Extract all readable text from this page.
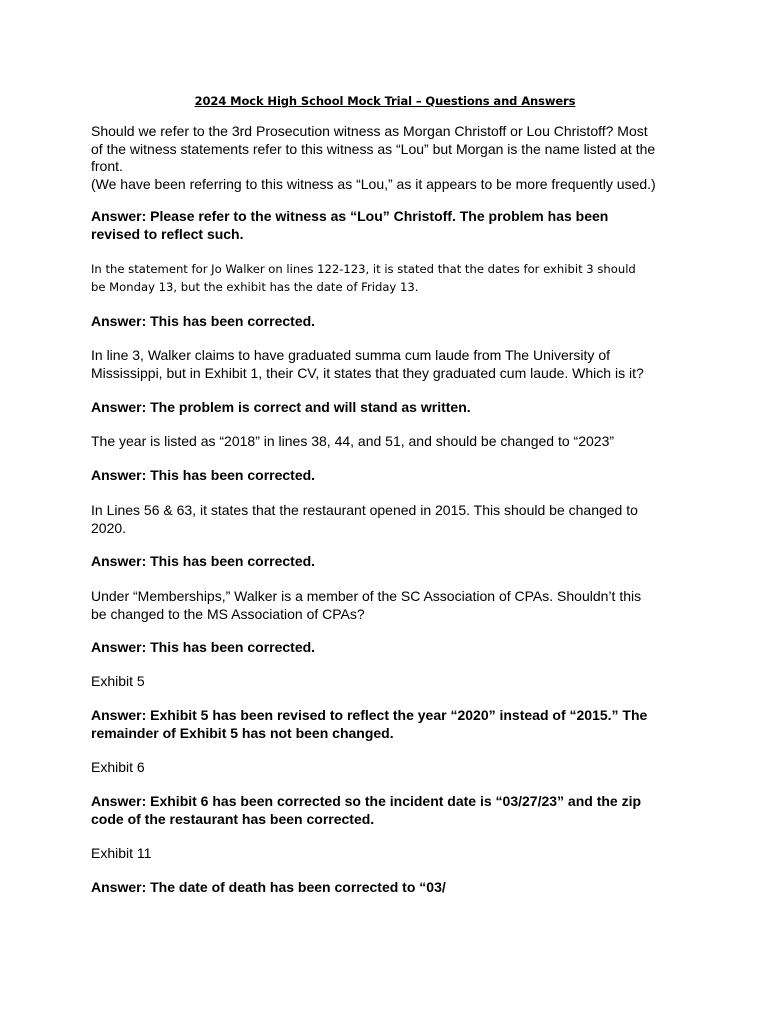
2024 Mock High School Mock Trial – Questions and Answers
Should we refer to the 3rd Prosecution witness as Morgan Christoff or Lou Christoff? Most
of the witness statements refer to this witness as “Lou” but Morgan is the name listed at the
front.
(We have been referring to this witness as “Lou,” as it appears to be more frequently used.)
Answer: Please refer to the witness as “Lou” Christoff. The problem has been
revised to reflect such.
In the statement for Jo Walker on lines 122-123, it is stated that the dates for exhibit 3 should
be Monday 13, but the exhibit has the date of Friday 13.
Answer: This has been corrected.
In line 3, Walker claims to have graduated summa cum laude from The University of
Mississippi, but in Exhibit 1, their CV, it states that they graduated cum laude. Which is it?
Answer: The problem is correct and will stand as written.
The year is listed as “2018” in lines 38, 44, and 51, and should be changed to “2023”
Answer: This has been corrected.
In Lines 56 & 63, it states that the restaurant opened in 2015. This should be changed to
2020.
Answer: This has been corrected.
Under “Memberships,” Walker is a member of the SC Association of CPAs. Shouldn’t this
be changed to the MS Association of CPAs?
Answer: This has been corrected.
Exhibit 5
Answer: Exhibit 5 has been revised to reflect the year “2020” instead of “2015.” The
remainder of Exhibit 5 has not been changed.
Exhibit 6
Answer: Exhibit 6 has been corrected so the incident date is “03/27/23” and the zip
code of the restaurant has been corrected.
Exhibit 11
Answer: The date of death has been corrected to “03/
